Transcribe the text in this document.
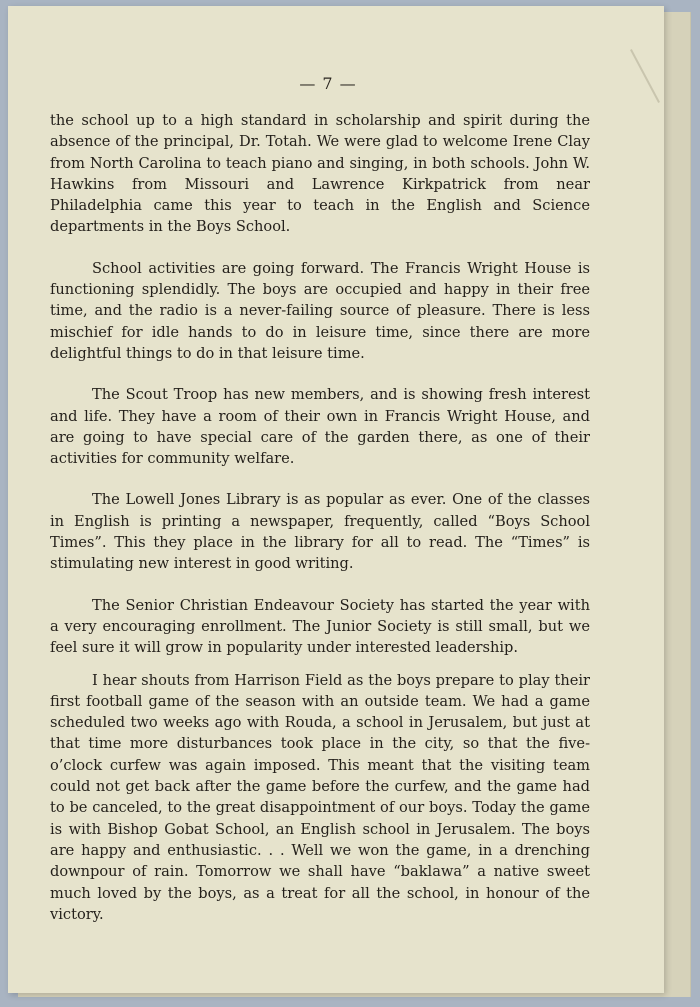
— 7 —

the school up to a high standard in scholarship and spirit during the absence of the principal, Dr. Totah. We were glad to welcome Irene Clay from North Carolina to teach piano and singing, in both schools. John W. Hawkins from Missouri and Lawrence Kirkpatrick from near Philadelphia came this year to teach in the English and Science departments in the Boys School.

School activities are going forward. The Francis Wright House is functioning splendidly. The boys are occupied and happy in their free time, and the radio is a never-failing source of pleasure. There is less mischief for idle hands to do in leisure time, since there are more delightful things to do in that leisure time.

The Scout Troop has new members, and is showing fresh interest and life. They have a room of their own in Francis Wright House, and are going to have special care of the garden there, as one of their activities for community welfare.

The Lowell Jones Library is as popular as ever. One of the classes in English is printing a newspaper, frequently, called “Boys School Times”. This they place in the library for all to read. The “Times” is stimulating new interest in good writing.

The Senior Christian Endeavour Society has started the year with a very encouraging enrollment. The Junior Society is still small, but we feel sure it will grow in popularity under interested leadership.

I hear shouts from Harrison Field as the boys prepare to play their first football game of the season with an outside team. We had a game scheduled two weeks ago with Rouda, a school in Jerusalem, but just at that time more disturbances took place in the city, so that the five-o’clock curfew was again imposed. This meant that the visiting team could not get back after the game before the curfew, and the game had to be canceled, to the great disappointment of our boys. Today the game is with Bishop Gobat School, an English school in Jerusalem. The boys are happy and enthusiastic. . . Well we won the game, in a drenching downpour of rain. Tomorrow we shall have “baklawa” a native sweet much loved by the boys, as a treat for all the school, in honour of the victory.
